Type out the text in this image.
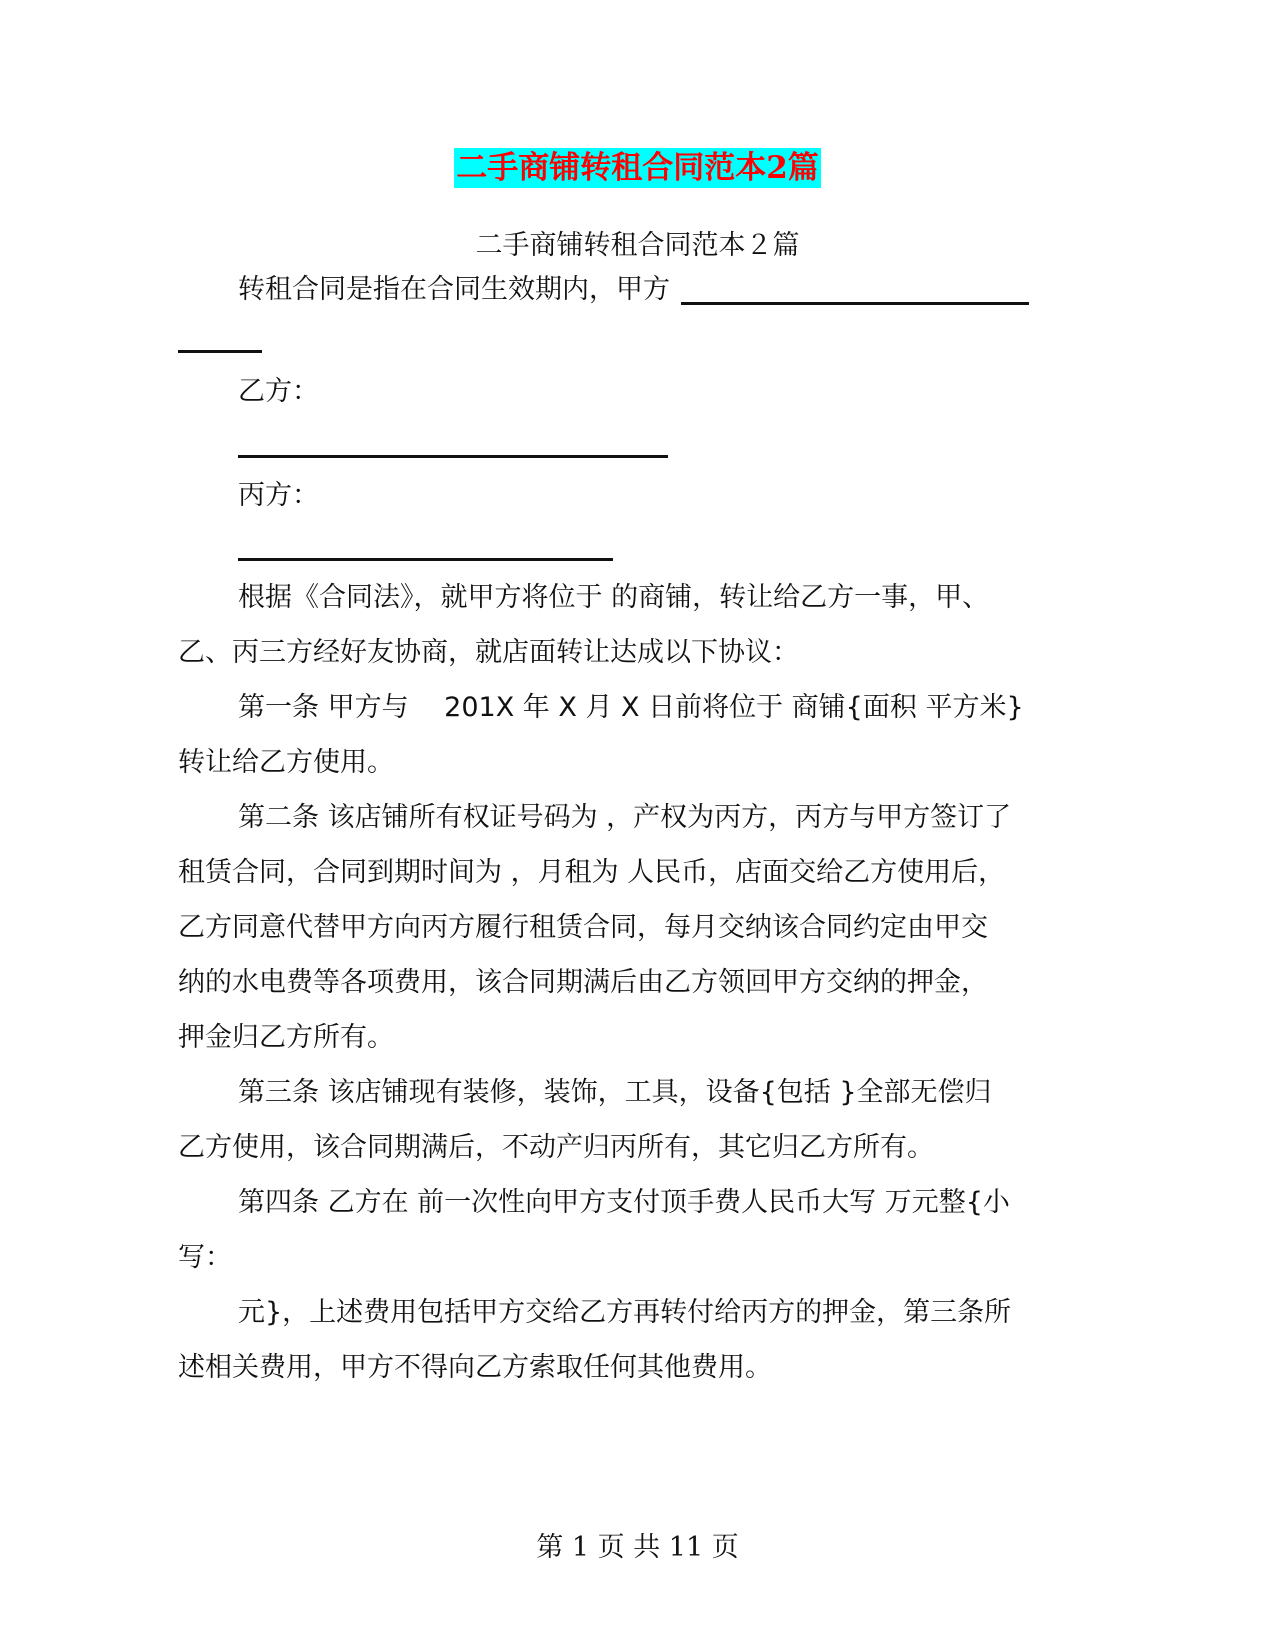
二手商铺转租合同范本2篇
二手商铺转租合同范本２篇
转租合同是指在合同生效期内，甲方
乙方：
丙方：
根据《合同法》，就甲方将位于 的商铺，转让给乙方一事，甲、
乙、丙三方经好友协商，就店面转让达成以下协议：
第一条 甲方与　 201X 年 X 月 X 日前将位于 商铺{面积 平方米}
转让给乙方使用。
第二条 该店铺所有权证号码为 ，产权为丙方，丙方与甲方签订了
租赁合同，合同到期时间为 ，月租为 人民币，店面交给乙方使用后，
乙方同意代替甲方向丙方履行租赁合同，每月交纳该合同约定由甲交
纳的水电费等各项费用，该合同期满后由乙方领回甲方交纳的押金，
押金归乙方所有。
第三条 该店铺现有装修，装饰，工具，设备{包括 }全部无偿归
乙方使用，该合同期满后，不动产归丙所有，其它归乙方所有。
第四条 乙方在 前一次性向甲方支付顶手费人民币大写 万元整{小
写：
元}，上述费用包括甲方交给乙方再转付给丙方的押金，第三条所
述相关费用，甲方不得向乙方索取任何其他费用。
第 1 页 共 11 页
